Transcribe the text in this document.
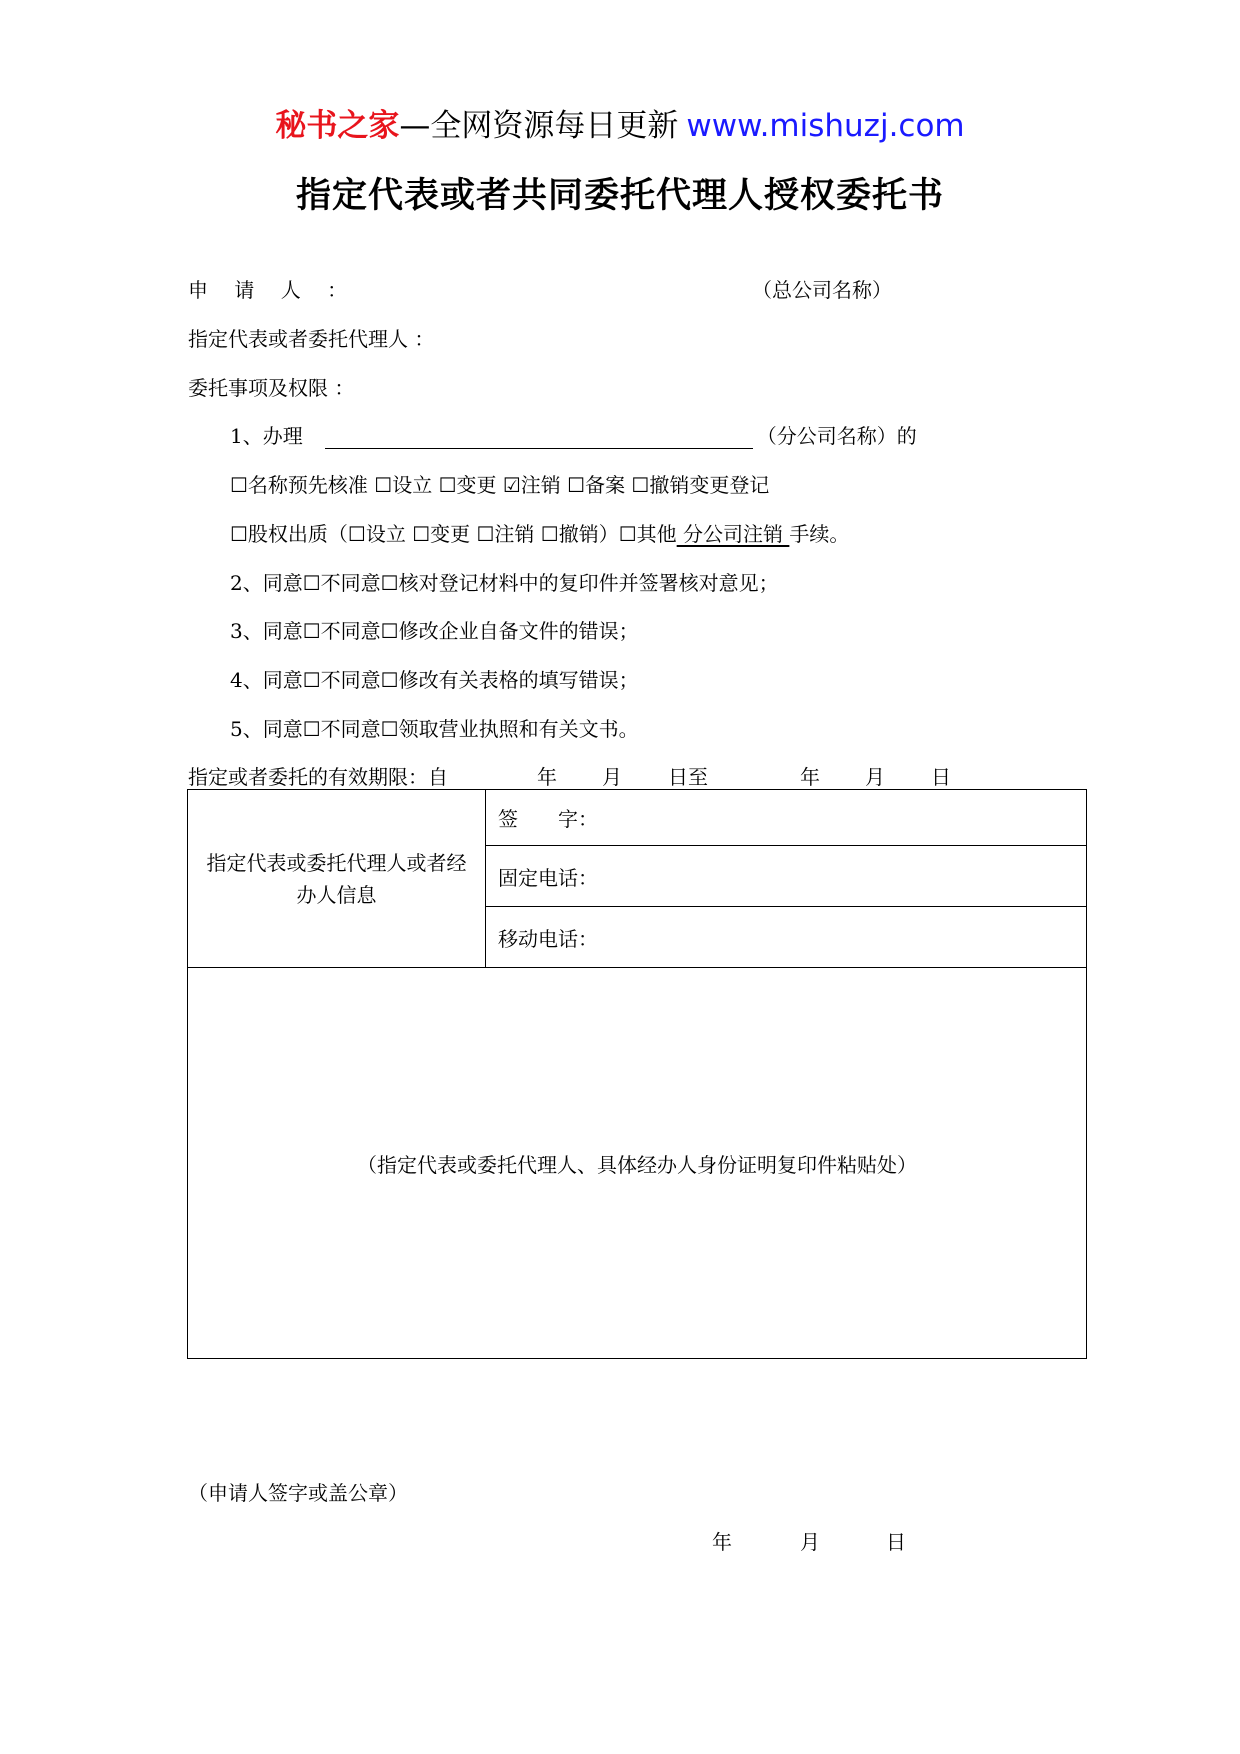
秘书之家—全网资源每日更新 www.mishuzj.com
指定代表或者共同委托代理人授权委托书
申 请 人 ：	（总公司名称）
指定代表或者委托代理人 ：
委托事项及权限 ：
1、办理	（分公司名称）的
☐名称预先核准 ☐设立 ☐变更 ☑注销 ☐备案 ☐撤销变更登记
☐股权出质（☐设立 ☐变更 ☐注销 ☐撤销）☐其他 分公司注销 手续。
2、同意☐不同意☐核对登记材料中的复印件并签署核对意见；
3、同意☐不同意☐修改企业自备文件的错误；
4、同意☐不同意☐修改有关表格的填写错误；
5、同意☐不同意☐领取营业执照和有关文书。
指定或者委托的有效期限：自	年 月 日至	年 月 日
指定代表或委托代理人或者经办人信息
	签　　字：
固定电话：
移动电话：
（指定代表或委托代理人、具体经办人身份证明复印件粘贴处）
（申请人签字或盖公章）
年	月	日
